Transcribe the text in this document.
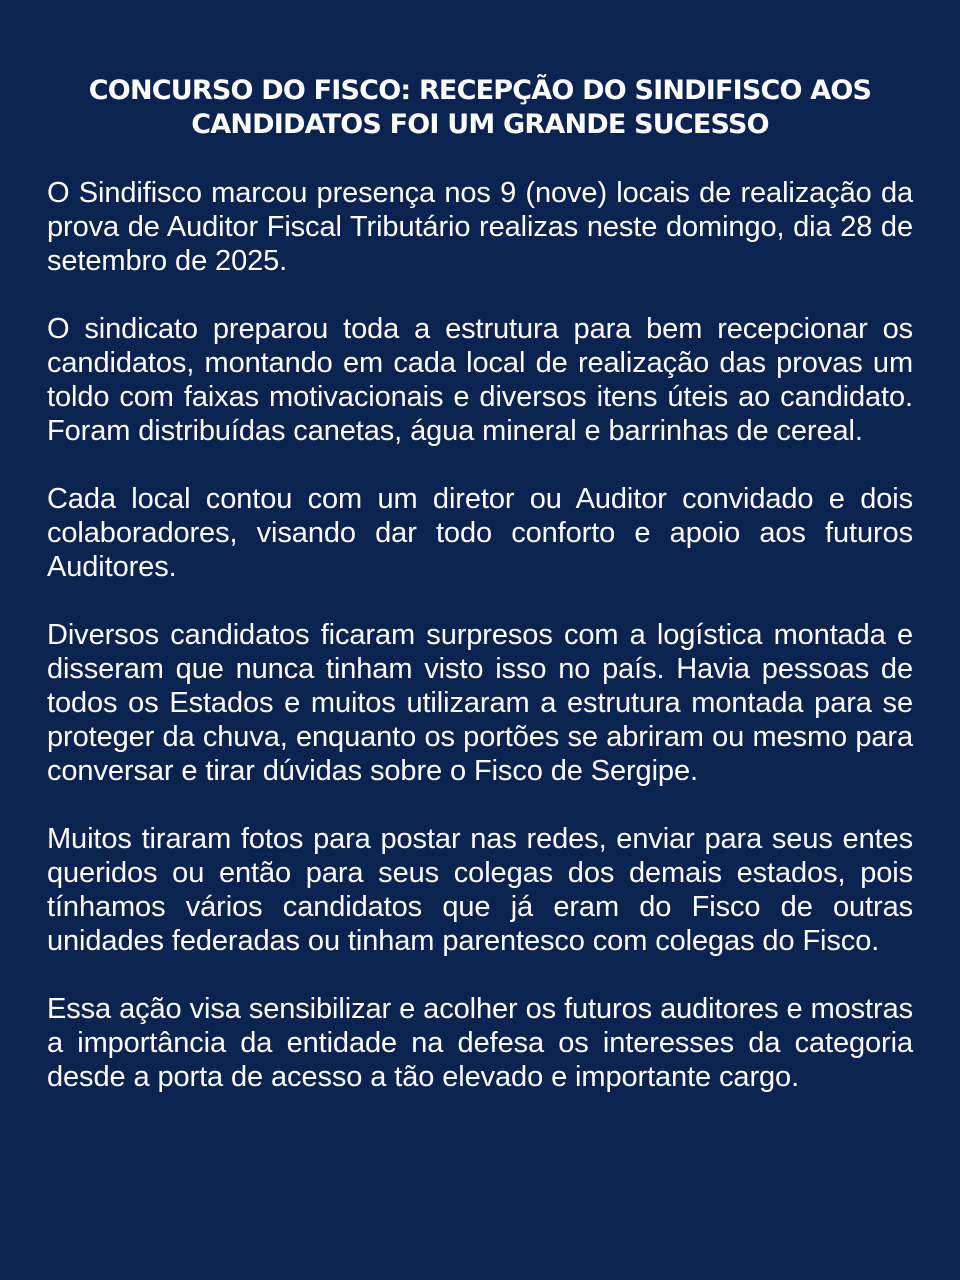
CONCURSO DO FISCO: RECEPÇÃO DO SINDIFISCO AOS
CANDIDATOS FOI UM GRANDE SUCESSO

O Sindifisco marcou presença nos 9 (nove) locais de realização da prova de Auditor Fiscal Tributário realizas neste domingo, dia 28 de setembro de 2025.

O sindicato preparou toda a estrutura para bem recepcionar os candidatos, montando em cada local de realização das provas um toldo com faixas motivacionais e diversos itens úteis ao candidato. Foram distribuídas canetas, água mineral e barrinhas de cereal.

Cada local contou com um diretor ou Auditor convidado e dois colaboradores, visando dar todo conforto e apoio aos futuros Auditores.

Diversos candidatos ficaram surpresos com a logística montada e disseram que nunca tinham visto isso no país. Havia pessoas de todos os Estados e muitos utilizaram a estrutura montada para se proteger da chuva, enquanto os portões se abriram ou mesmo para conversar e tirar dúvidas sobre o Fisco de Sergipe.

Muitos tiraram fotos para postar nas redes, enviar para seus entes queridos ou então para seus colegas dos demais estados, pois tínhamos vários candidatos que já eram do Fisco de outras unidades federadas ou tinham parentesco com colegas do Fisco.

Essa ação visa sensibilizar e acolher os futuros auditores e mostras a importância da entidade na defesa os interesses da categoria desde a porta de acesso a tão elevado e importante cargo.
